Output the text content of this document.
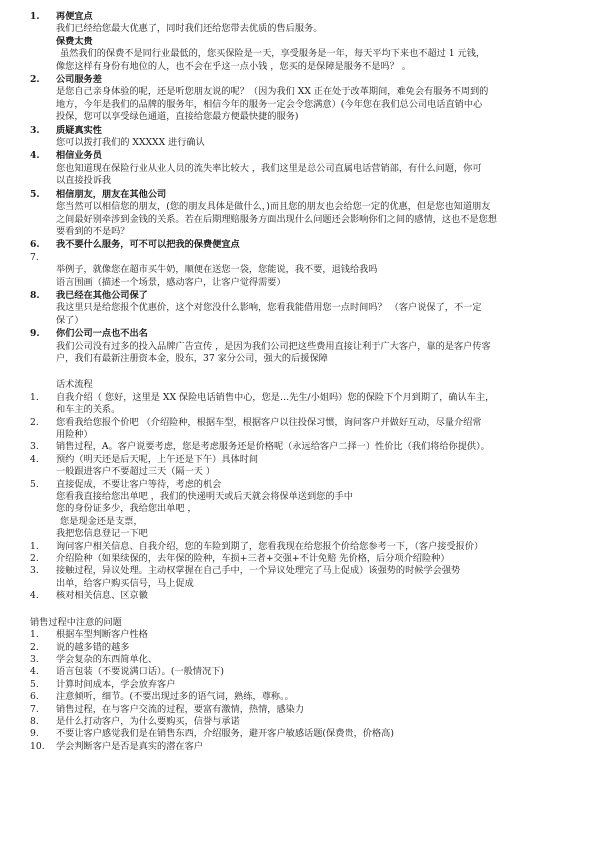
1. 再便宜点
我们已经给您最大优惠了，同时我们还给您带去优质的售后服务。
保费太贵
虽然我们的保费不是同行业最低的，您买保险是一天，享受服务是一年，每天平均下来也不超过 1 元钱，
像您这样有身份有地位的人，也不会在乎这一点小钱 ，您买的是保障是服务不是吗？ 。
2. 公司服务差
是您自己亲身体验的呢，还是听您朋友说的呢？（因为我们 XX 正在处于改革期间，难免会有服务不周到的
地方，今年是我们的品牌的服务年，相信今年的服务一定会令您满意）(今年您在我们总公司电话直销中心
投保，您可以享受绿色通道，直接给您最方便最快捷的服务)
3. 质疑真实性
您可以拨打我们的 XXXXX 进行确认
4. 相信业务员
您也知道现在保险行业从业人员的流失率比较大 ，我们这里是总公司直属电话营销部，有什么问题，你可
以直接投诉我
5. 相信朋友，朋友在其他公司
您当然可以相信您的朋友，(您的朋友具体是做什么，)而且您的朋友也会给您一定的优惠，但是您也知道朋友
之间最好别牵涉到金钱的关系。若在后期理赔服务方面出现什么问题还会影响你们之间的感情，这也不是您想
要看到的不是吗？
6. 我不要什么服务，可不可以把我的保费便宜点
7.
举例子，就像您在超市买牛奶，顺便在送您一袋，您能说，我不要，退钱给我吗
语言围画（描述一个场景，感动客户，让客户觉得需要）
8. 我已经在其他公司保了
我这里只是给您报个优惠价，这个对您没什么影响，您看我能借用您一点时间吗？ （客户说保了，不一定
保了）
9. 你们公司一点也不出名
我们公司没有过多的投入品牌广告宣传 ，是因为我们公司把这些费用直接让利于广大客户，靠的是客户传客
户，我们有最新注册资本金，股东，37 家分公司，强大的后援保障
话术流程
1.	自我介绍（ 您好，这里是 XX 保险电话销售中心，您是…先生/小姐吗）您的保险下个月到期了，确认车主，
和车主的关系。
2.	您看我给您报个价吧 （介绍险种，根据车型，根据客户以往投保习惯，询问客户并做好互动，尽量介绍常
用险种）
3.	销售过程，A。客户说要考虑，您是考虑服务还是价格呢（永远给客户二择一）性价比（我们将给你提供）。
4.	预约（明天还是后天呢，上午还是下午）具体时间
一般跟进客户不要超过三天（隔一天 ）
5.	直接促成，不要让客户等待，考虑的机会
您看我直接给您出单吧 ，我们的快递明天或后天就会将保单送到您的手中
您的身份证多少，我给您出单吧 ，
您是现金还是支票，
我把您信息登记一下吧
1.	询问客户相关信息、自我介绍，您的车险到期了，您看我现在给您报个价给您参考一下，（客户接受报价）
2.	介绍险种（如果续保的，去年保的险种，车损+三者+交强+不计免赔 先价格，后分项介绍险种）
3.	接触过程，异议处理。主动权掌握在自己手中，一个异议处理完了马上促成）该强势的时候学会强势
出单，给客户购买信号，马上促成
4.	核对相关信息、区京徽
销售过程中注意的问题
1.	根据车型判断客户性格
2.	说的越多错的越多
3.	学会复杂的东西简单化、
4.	语言包装（不要说满口话）。(一般情况下)
5.	计算时间成本，学会放弃客户
6.	注意倾听，细节。(不要出现过多的语气词，熟练，尊称。。
7.	销售过程，在与客户交流的过程，要富有激情，热情，感染力
8.	是什么打动客户，为什么要购买，信誉与承诺
9.	不要让客户感觉我们是在销售东西，介绍服务，避开客户敏感话题(保费贵，价格高)
10.	学会判断客户是否是真实的潜在客户
